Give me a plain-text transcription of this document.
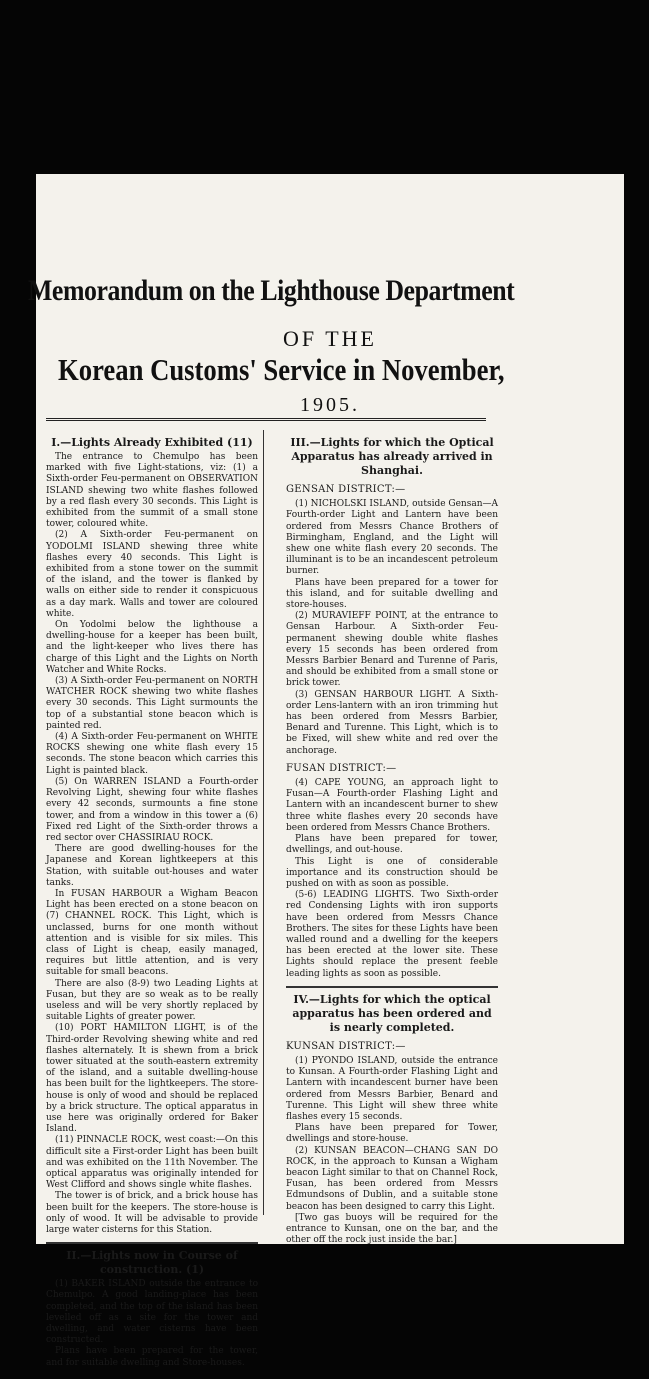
Memorandum on the Lighthouse Department
OF THE
Korean Customs' Service in November,
1905.
I.—Lights Already Exhibited (11)

The entrance to Chemulpo has been marked with five Light-stations, viz: (1) a Sixth-order Feu-permanent on OBSERVATION ISLAND shewing two white flashes followed by a red flash every 30 seconds. This Light is exhibited from the summit of a small stone tower, coloured white.

(2) A Sixth-order Feu-permanent on YODOLMI ISLAND shewing three white flashes every 40 seconds. This Light is exhibited from a stone tower on the summit of the island, and the tower is flanked by walls on either side to render it conspicuous as a day mark. Walls and tower are coloured white.

On Yodolmi below the lighthouse a dwelling-house for a keeper has been built, and the light-keeper who lives there has charge of this Light and the Lights on North Watcher and White Rocks.

(3) A Sixth-order Feu-permanent on NORTH WATCHER ROCK shewing two white flashes every 30 seconds. This Light surmounts the top of a substantial stone beacon which is painted red.

(4) A Sixth-order Feu-permanent on WHITE ROCKS shewing one white flash every 15 seconds. The stone beacon which carries this Light is painted black.

(5) On WARREN ISLAND a Fourth-order Revolving Light, shewing four white flashes every 42 seconds, surmounts a fine stone tower, and from a window in this tower a (6) Fixed red Light of the Sixth-order throws a red sector over CHASSIRIAU ROCK.

There are good dwelling-houses for the Japanese and Korean lightkeepers at this Station, with suitable out-houses and water tanks.

In FUSAN HARBOUR a Wigham Beacon Light has been erected on a stone beacon on (7) CHANNEL ROCK. This Light, which is unclassed, burns for one month without attention and is visible for six miles. This class of Light is cheap, easily managed, requires but little attention, and is very suitable for small beacons.

There are also (8-9) two Leading Lights at Fusan, but they are so weak as to be really useless and will be very shortly replaced by suitable Lights of greater power.

(10) PORT HAMILTON LIGHT, is of the Third-order Revolving shewing white and red flashes alternately. It is shewn from a brick tower situated at the south-eastern extremity of the island, and a suitable dwelling-house has been built for the lightkeepers. The store-house is only of wood and should be replaced by a brick structure. The optical apparatus in use here was originally ordered for Baker Island.

(11) PINNACLE ROCK, west coast:—On this difficult site a First-order Light has been built and was exhibited on the 11th November. The optical apparatus was originally intended for West Clifford and shows single white flashes.

The tower is of brick, and a brick house has been built for the keepers. The store-house is only of wood. It will be advisable to provide large water cisterns for this Station.

II.—Lights now in Course of construction. (1)

(1) BAKER ISLAND outside the entrance to Chemulpo. A good landing-place has been completed, and the top of the island has been levelled off as a site for the tower and dwelling, and water cisterns have been constructed.

Plans have been prepared for the tower, and for suitable dwelling and Store-houses.

III.—Lights for which the Optical Apparatus has already arrived in Shanghai.
GENSAN DISTRICT:—

(1) NICHOLSKI ISLAND, outside Gensan—A Fourth-order Light and Lantern have been ordered from Messrs Chance Brothers of Birmingham, England, and the Light will shew one white flash every 20 seconds. The illuminant is to be an incandescent petroleum burner.

Plans have been prepared for a tower for this island, and for suitable dwelling and store-houses.

(2) MURAVIEFF POINT, at the entrance to Gensan Harbour. A Sixth-order Feu-permanent shewing double white flashes every 15 seconds has been ordered from Messrs Barbier Benard and Turenne of Paris, and should be exhibited from a small stone or brick tower.

(3) GENSAN HARBOUR LIGHT. A Sixth-order Lens-lantern with an iron trimming hut has been ordered from Messrs Barbier, Benard and Turenne. This Light, which is to be Fixed, will shew white and red over the anchorage.

FUSAN DISTRICT:—

(4) CAPE YOUNG, an approach light to Fusan—A Fourth-order Flashing Light and Lantern with an incandescent burner to shew three white flashes every 20 seconds have been ordered from Messrs Chance Brothers.

Plans have been prepared for tower, dwellings, and out-house.

This Light is one of considerable importance and its construction should be pushed on with as soon as possible.

(5-6) LEADING LIGHTS. Two Sixth-order red Condensing Lights with iron supports have been ordered from Messrs Chance Brothers. The sites for these Lights have been walled round and a dwelling for the keepers has been erected at the lower site. These Lights should replace the present feeble leading lights as soon as possible.

IV.—Lights for which the optical apparatus has been ordered and is nearly completed.
KUNSAN DISTRICT:—

(1) PYONDO ISLAND, outside the entrance to Kunsan. A Fourth-order Flashing Light and Lantern with incandescent burner have been ordered from Messrs Barbier, Benard and Turenne. This Light will shew three white flashes every 15 seconds.

Plans have been prepared for Tower, dwellings and store-house.

(2) KUNSAN BEACON—CHANG SAN DO ROCK, in the approach to Kunsan a Wigham beacon Light similar to that on Channel Rock, Fusan, has been ordered from Messrs Edmundsons of Dublin, and a suitable stone beacon has been designed to carry this Light.

[Two gas buoys will be required for the entrance to Kunsan, one on the bar, and the other off the rock just inside the bar.]
